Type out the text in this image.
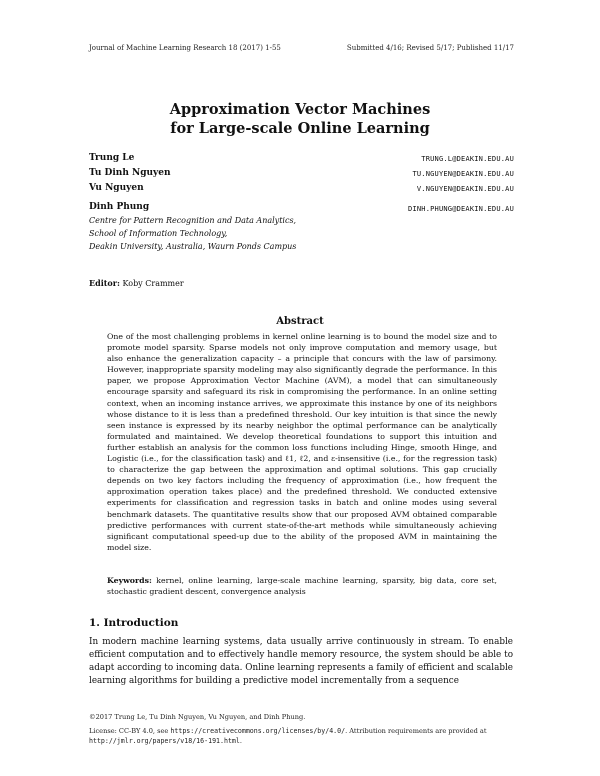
Journal of Machine Learning Research 18 (2017) 1-55	Submitted 4/16; Revised 5/17; Published 11/17
Approximation Vector Machines
for Large-scale Online Learning
Trung Le	TRUNG.L@DEAKIN.EDU.AU
Tu Dinh Nguyen	TU.NGUYEN@DEAKIN.EDU.AU
Vu Nguyen	V.NGUYEN@DEAKIN.EDU.AU
Dinh Phung	DINH.PHUNG@DEAKIN.EDU.AU
Centre for Pattern Recognition and Data Analytics,
School of Information Technology,
Deakin University, Australia, Waurn Ponds Campus
Editor: Koby Crammer
Abstract

One of the most challenging problems in kernel online learning is to bound the model size and to promote model sparsity. Sparse models not only improve computation and memory usage, but also enhance the generalization capacity – a principle that concurs with the law of parsimony. However, inappropriate sparsity modeling may also significantly degrade the performance. In this paper, we propose Approximation Vector Machine (AVM), a model that can simultaneously encourage sparsity and safeguard its risk in compromising the performance. In an online setting context, when an incoming instance arrives, we approximate this instance by one of its neighbors whose distance to it is less than a predefined threshold. Our key intuition is that since the newly seen instance is expressed by its nearby neighbor the optimal performance can be analytically formulated and maintained. We develop theoretical foundations to support this intuition and further establish an analysis for the common loss functions including Hinge, smooth Hinge, and Logistic (i.e., for the classification task) and ℓ1, ℓ2, and ε-insensitive (i.e., for the regression task) to characterize the gap between the approximation and optimal solutions. This gap crucially depends on two key factors including the frequency of approximation (i.e., how frequent the approximation operation takes place) and the predefined threshold. We conducted extensive experiments for classification and regression tasks in batch and online modes using several benchmark datasets. The quantitative results show that our proposed AVM obtained comparable predictive performances with current state-of-the-art methods while simultaneously achieving significant computational speed-up due to the ability of the proposed AVM in maintaining the model size.

Keywords: kernel, online learning, large-scale machine learning, sparsity, big data, core set, stochastic gradient descent, convergence analysis
1. Introduction
In modern machine learning systems, data usually arrive continuously in stream. To enable efficient computation and to effectively handle memory resource, the system should be able to adapt according to incoming data. Online learning represents a family of efficient and scalable learning algorithms for building a predictive model incrementally from a sequence
©2017 Trung Le, Tu Dinh Nguyen, Vu Nguyen, and Dinh Phung.
License: CC-BY 4.0, see https://creativecommons.org/licenses/by/4.0/. Attribution requirements are provided at http://jmlr.org/papers/v18/16-191.html.
